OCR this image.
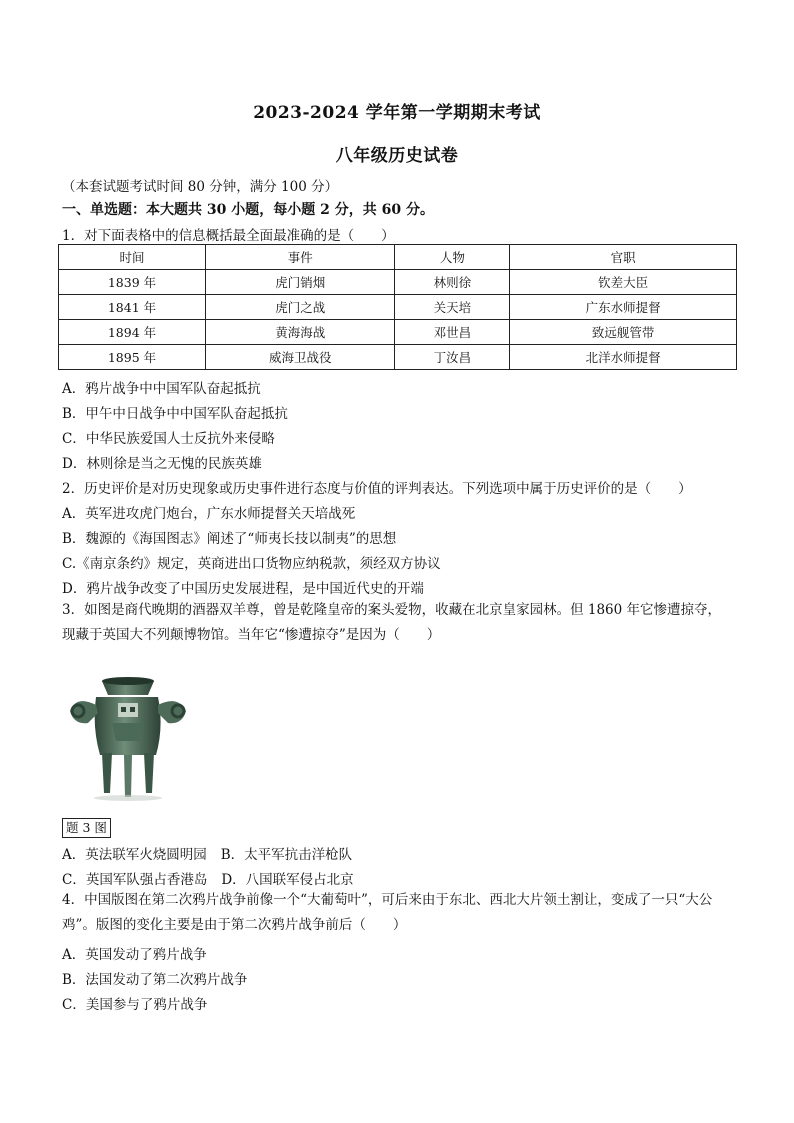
2023-2024 学年第一学期期末考试
八年级历史试卷
（本套试题考试时间 80 分钟，满分 100 分）
一、单选题：本大题共 30 小题，每小题 2 分，共 60 分。
1．对下面表格中的信息概括最全面最准确的是（　　）
时间	事件	人物	官职
1839 年	虎门销烟	林则徐	钦差大臣
1841 年	虎门之战	关天培	广东水师提督
1894 年	黄海海战	邓世昌	致远舰管带
1895 年	威海卫战役	丁汝昌	北洋水师提督
A．鸦片战争中中国军队奋起抵抗
B．甲午中日战争中中国军队奋起抵抗
C．中华民族爱国人士反抗外来侵略
D．林则徐是当之无愧的民族英雄
2．历史评价是对历史现象或历史事件进行态度与价值的评判表达。下列选项中属于历史评价的是（　　）
A．英军进攻虎门炮台，广东水师提督关天培战死
B．魏源的《海国图志》阐述了“师夷长技以制夷”的思想
C.《南京条约》规定，英商进出口货物应纳税款，须经双方协议
D．鸦片战争改变了中国历史发展进程，是中国近代史的开端
3．如图是商代晚期的酒器双羊尊，曾是乾隆皇帝的案头爱物，收藏在北京皇家园林。但 1860 年它惨遭掠夺，现藏于英国大不列颠博物馆。当年它“惨遭掠夺”是因为（　　）
题 3 图
A．英法联军火烧圆明园 B．太平军抗击洋枪队
C．英国军队强占香港岛 D．八国联军侵占北京
4．中国版图在第二次鸦片战争前像一个“大葡萄叶”，可后来由于东北、西北大片领土割让，变成了一只“大公鸡”。版图的变化主要是由于第二次鸦片战争前后（　　）
A．英国发动了鸦片战争
B．法国发动了第二次鸦片战争
C．美国参与了鸦片战争
